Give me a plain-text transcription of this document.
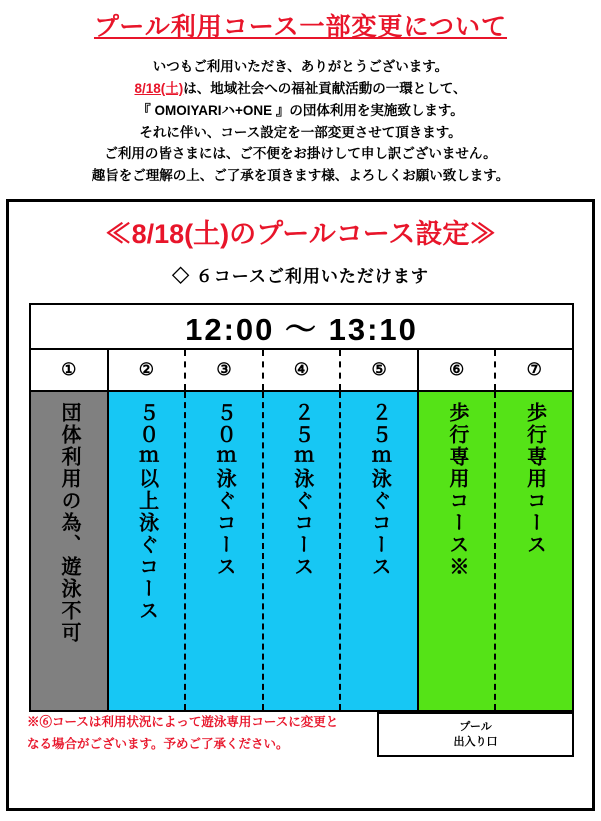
プール利用コース一部変更について
いつもご利用いただき、ありがとうございます。
8/18(土)は、地域社会への福祉貢献活動の一環として、
『 OMOIYARIハ+ONE 』の団体利用を実施致します。
それに伴い、コース設定を一部変更させて頂きます。
ご利用の皆さまには、ご不便をお掛けして申し訳ございません。
趣旨をご理解の上、ご了承を頂きます様、よろしくお願い致します。
≪8/18(土)のプールコース設定≫
◇ ６コースご利用いただけます
12:00 ～ 13:10
①	②	③	④	⑤	⑥	⑦
団体利用の為、遊泳不可	５０ｍ以上泳ぐコース	５０ｍ泳ぐコース	２５ｍ泳ぐコース	２５ｍ泳ぐコース	歩行専用コース※	歩行専用コース
プール
出入り口
※⑥コースは利用状況によって遊泳専用コースに変更と
なる場合がございます。予めご了承ください。
